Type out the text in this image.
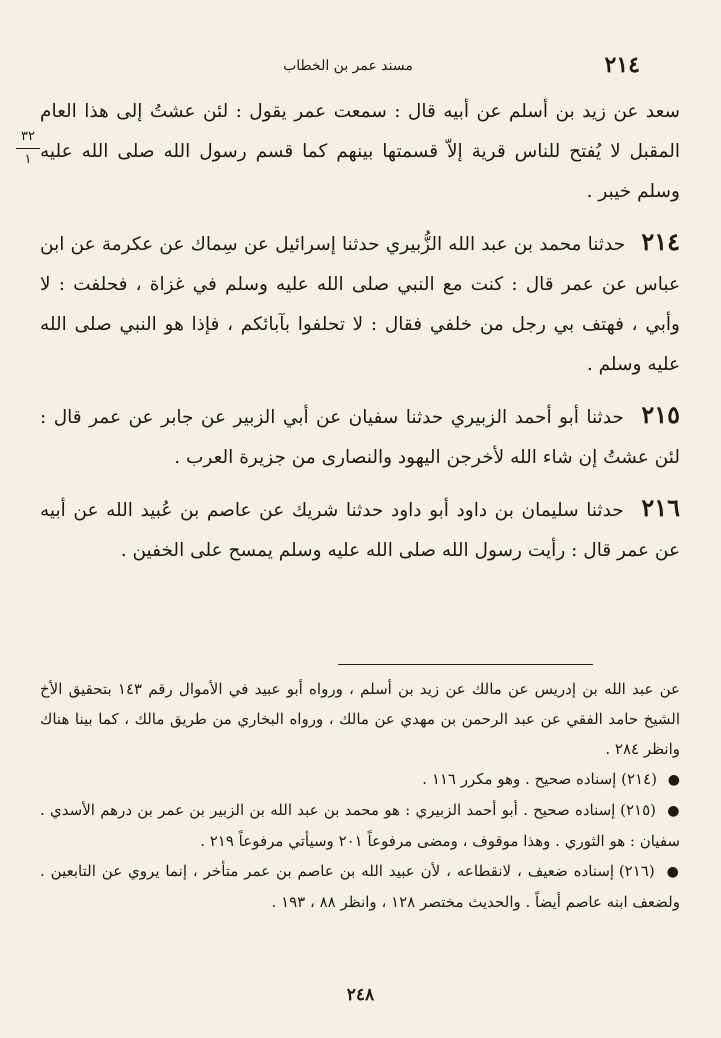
٢١٤
مسند عمر بن الخطاب
٣٢
١

سعد عن زيد بن أسلم عن أبيه قال : سمعت عمر يقول : لئن عشتُ إلى هذا العام المقبل لا يُفتح للناس قرية إلاّ قسمتها بينهم كما قسم رسول الله صلى الله عليه وسلم خيبر .

٢١٤ حدثنا محمد بن عبد الله الزُّبيري حدثنا إسرائيل عن سِماك عن عكرمة عن ابن عباس عن عمر قال : كنت مع النبي صلى الله عليه وسلم في غزاة ، فحلفت : لا وأبي ، فهتف بي رجل من خلفي فقال : لا تحلفوا بآبائكم ، فإذا هو النبي صلى الله عليه وسلم .

٢١٥ حدثنا أبو أحمد الزبيري حدثنا سفيان عن أبي الزبير عن جابر عن عمر قال : لئن عشتُ إن شاء الله لأخرجن اليهود والنصارى من جزيرة العرب .

٢١٦ حدثنا سليمان بن داود أبو داود حدثنا شريك عن عاصم بن عُبيد الله عن أبيه عن عمر قال : رأيت رسول الله صلى الله عليه وسلم يمسح على الخفين .

عن عبد الله بن إدريس عن مالك عن زيد بن أسلم ، ورواه أبو عبيد في الأموال رقم ١٤٣ بتحقيق الأخ الشيخ حامد الفقي عن عبد الرحمن بن مهدي عن مالك ، ورواه البخاري من طريق مالك ، كما بينا هناك وانظر ٢٨٤ .

● (٢١٤) إسناده صحيح . وهو مكرر ١١٦ .

● (٢١٥) إسناده صحيح . أبو أحمد الزبيري : هو محمد بن عبد الله بن الزبير بن عمر بن درهم الأسدي . سفيان : هو الثوري . وهذا موقوف ، ومضى مرفوعاً ٢٠١ وسيأتي مرفوعاً ٢١٩ .

● (٢١٦) إسناده ضعيف ، لانقطاعه ، لأن عبيد الله بن عاصم بن عمر متأخر ، إنما يروي عن التابعين . ولضعف ابنه عاصم أيضاً . والحديث مختصر ١٢٨ ، وانظر ٨٨ ، ١٩٣ .

٢٤٨
